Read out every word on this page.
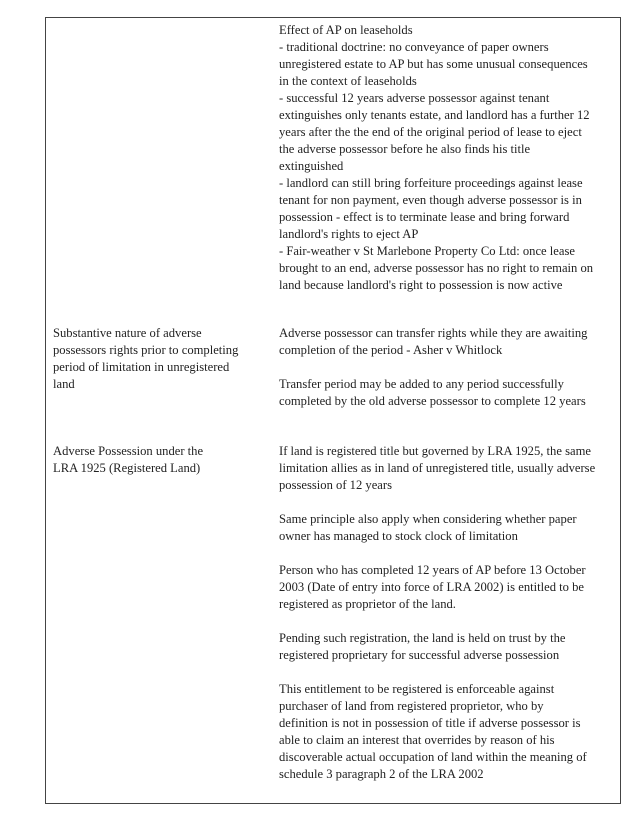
Effect of AP on leaseholds
- traditional doctrine: no conveyance of paper owners
unregistered estate to AP but has some unusual consequences
in the context of leaseholds
- successful 12 years adverse possessor against tenant
extinguishes only tenants estate, and landlord has a further 12
years after the the end of the original period of lease to eject
the adverse possessor before he also finds his title
extinguished
- landlord can still bring forfeiture proceedings against lease
tenant for non payment, even though adverse possessor is in
possession - effect is to terminate lease and bring forward
landlord's rights to eject AP
- Fair-weather v St Marlebone Property Co Ltd: once lease
brought to an end, adverse possessor has no right to remain on
land because landlord's right to possession is now active
Substantive nature of adverse
possessors rights prior to completing
period of limitation in unregistered
land
Adverse possessor can transfer rights while they are awaiting
completion of the period - Asher v Whitlock
Transfer period may be added to any period successfully
completed by the old adverse possessor to complete 12 years
Adverse Possession under the
LRA 1925 (Registered Land)
If land is registered title but governed by LRA 1925, the same
limitation allies as in land of unregistered title, usually adverse
possession of 12 years
Same principle also apply when considering whether paper
owner has managed to stock clock of limitation
Person who has completed 12 years of AP before 13 October
2003 (Date of entry into force of LRA 2002) is entitled to be
registered as proprietor of the land.
Pending such registration, the land is held on trust by the
registered proprietary for successful adverse possession
This entitlement to be registered is enforceable against
purchaser of land from registered proprietor, who by
definition is not in possession of title if adverse possessor is
able to claim an interest that overrides by reason of his
discoverable actual occupation of land within the meaning of
schedule 3 paragraph 2 of the LRA 2002
